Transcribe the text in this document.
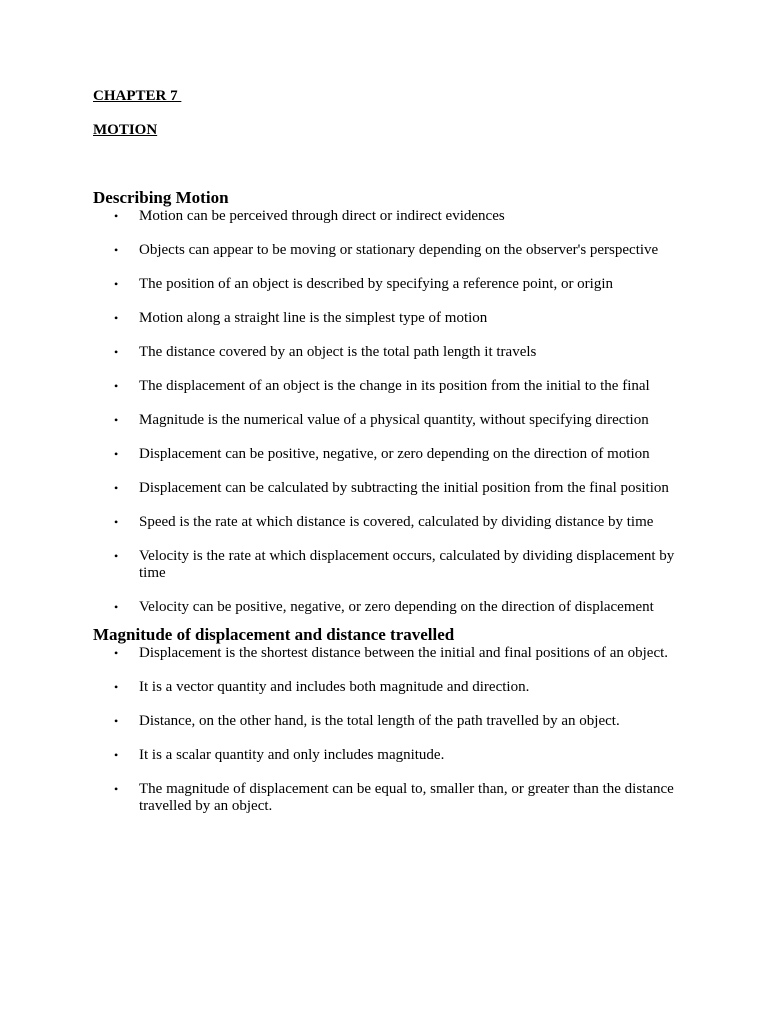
CHAPTER 7

MOTION

Describing Motion
• Motion can be perceived through direct or indirect evidences
• Objects can appear to be moving or stationary depending on the observer's perspective
• The position of an object is described by specifying a reference point, or origin
• Motion along a straight line is the simplest type of motion
• The distance covered by an object is the total path length it travels
• The displacement of an object is the change in its position from the initial to the final
• Magnitude is the numerical value of a physical quantity, without specifying direction
• Displacement can be positive, negative, or zero depending on the direction of motion
• Displacement can be calculated by subtracting the initial position from the final position
• Speed is the rate at which distance is covered, calculated by dividing distance by time
• Velocity is the rate at which displacement occurs, calculated by dividing displacement by time
• Velocity can be positive, negative, or zero depending on the direction of displacement
Magnitude of displacement and distance travelled
• Displacement is the shortest distance between the initial and final positions of an object.
• It is a vector quantity and includes both magnitude and direction.
• Distance, on the other hand, is the total length of the path travelled by an object.
• It is a scalar quantity and only includes magnitude.
• The magnitude of displacement can be equal to, smaller than, or greater than the distance travelled by an object.
